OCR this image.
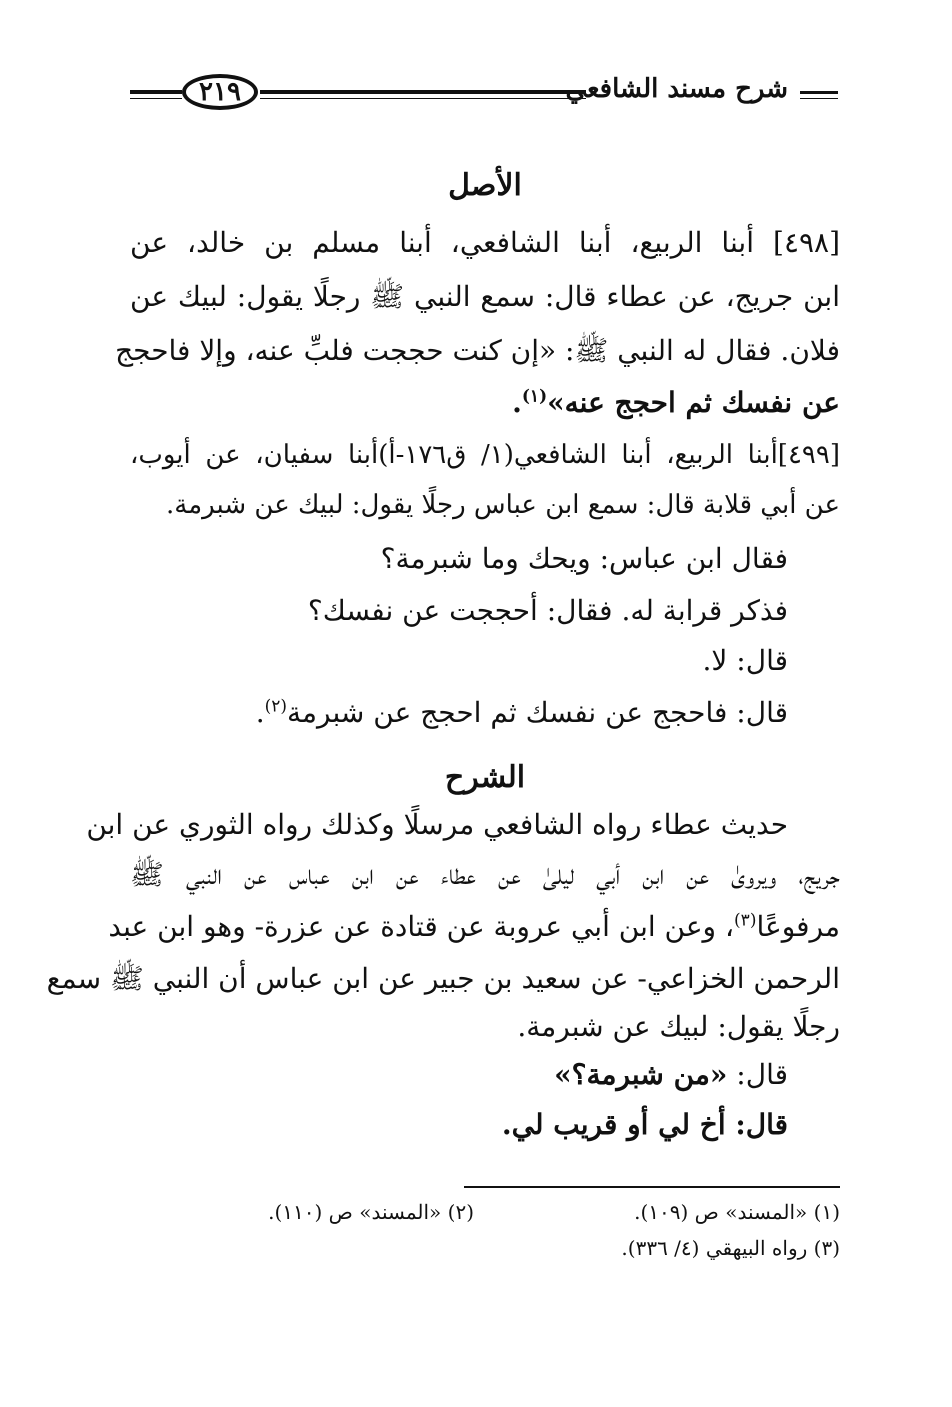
شرح مسند الشافعي
٢١٩
الأصل
[٤٩٨] أبنا الربيع، أبنا الشافعي، أبنا مسلم بن خالد، عن
ابن جريج، عن عطاء قال: سمع النبي ﷺ رجلًا يقول: لبيك عن
فلان. فقال له النبي ﷺ: «إن كنت حججت فلبِّ عنه، وإلا فاحجج
عن نفسك ثم احجج عنه»$^{(١)}$.
[٤٩٩]أبنا الربيع، أبنا الشافعي(١/ ق١٧٦-أ)أبنا سفيان، عن أيوب،
عن أبي قلابة قال: سمع ابن عباس رجلًا يقول: لبيك عن شبرمة.
فقال ابن عباس: ويحك وما شبرمة؟
فذكر قرابة له. فقال: أحججت عن نفسك؟
قال: لا.
قال: فاحجج عن نفسك ثم احجج عن شبرمة$^{(٢)}$.
الشرح
حديث عطاء رواه الشافعي مرسلًا وكذلك رواه الثوري عن ابن
جريج، ويروىٰ عن ابن أبي ليلىٰ عن عطاء عن ابن عباس عن النبي ﷺ
مرفوعًا$^{(٣)}$، وعن ابن أبي عروبة عن قتادة عن عزرة- وهو ابن عبد
الرحمن الخزاعي- عن سعيد بن جبير عن ابن عباس أن النبي ﷺ سمع
رجلًا يقول: لبيك عن شبرمة.
قال: «من شبرمة؟»
قال: أخ لي أو قريب لي.
(١) «المسند» ص (١٠٩).
(٢) «المسند» ص (١١٠).
(٣) رواه البيهقي (٤/ ٣٣٦).
